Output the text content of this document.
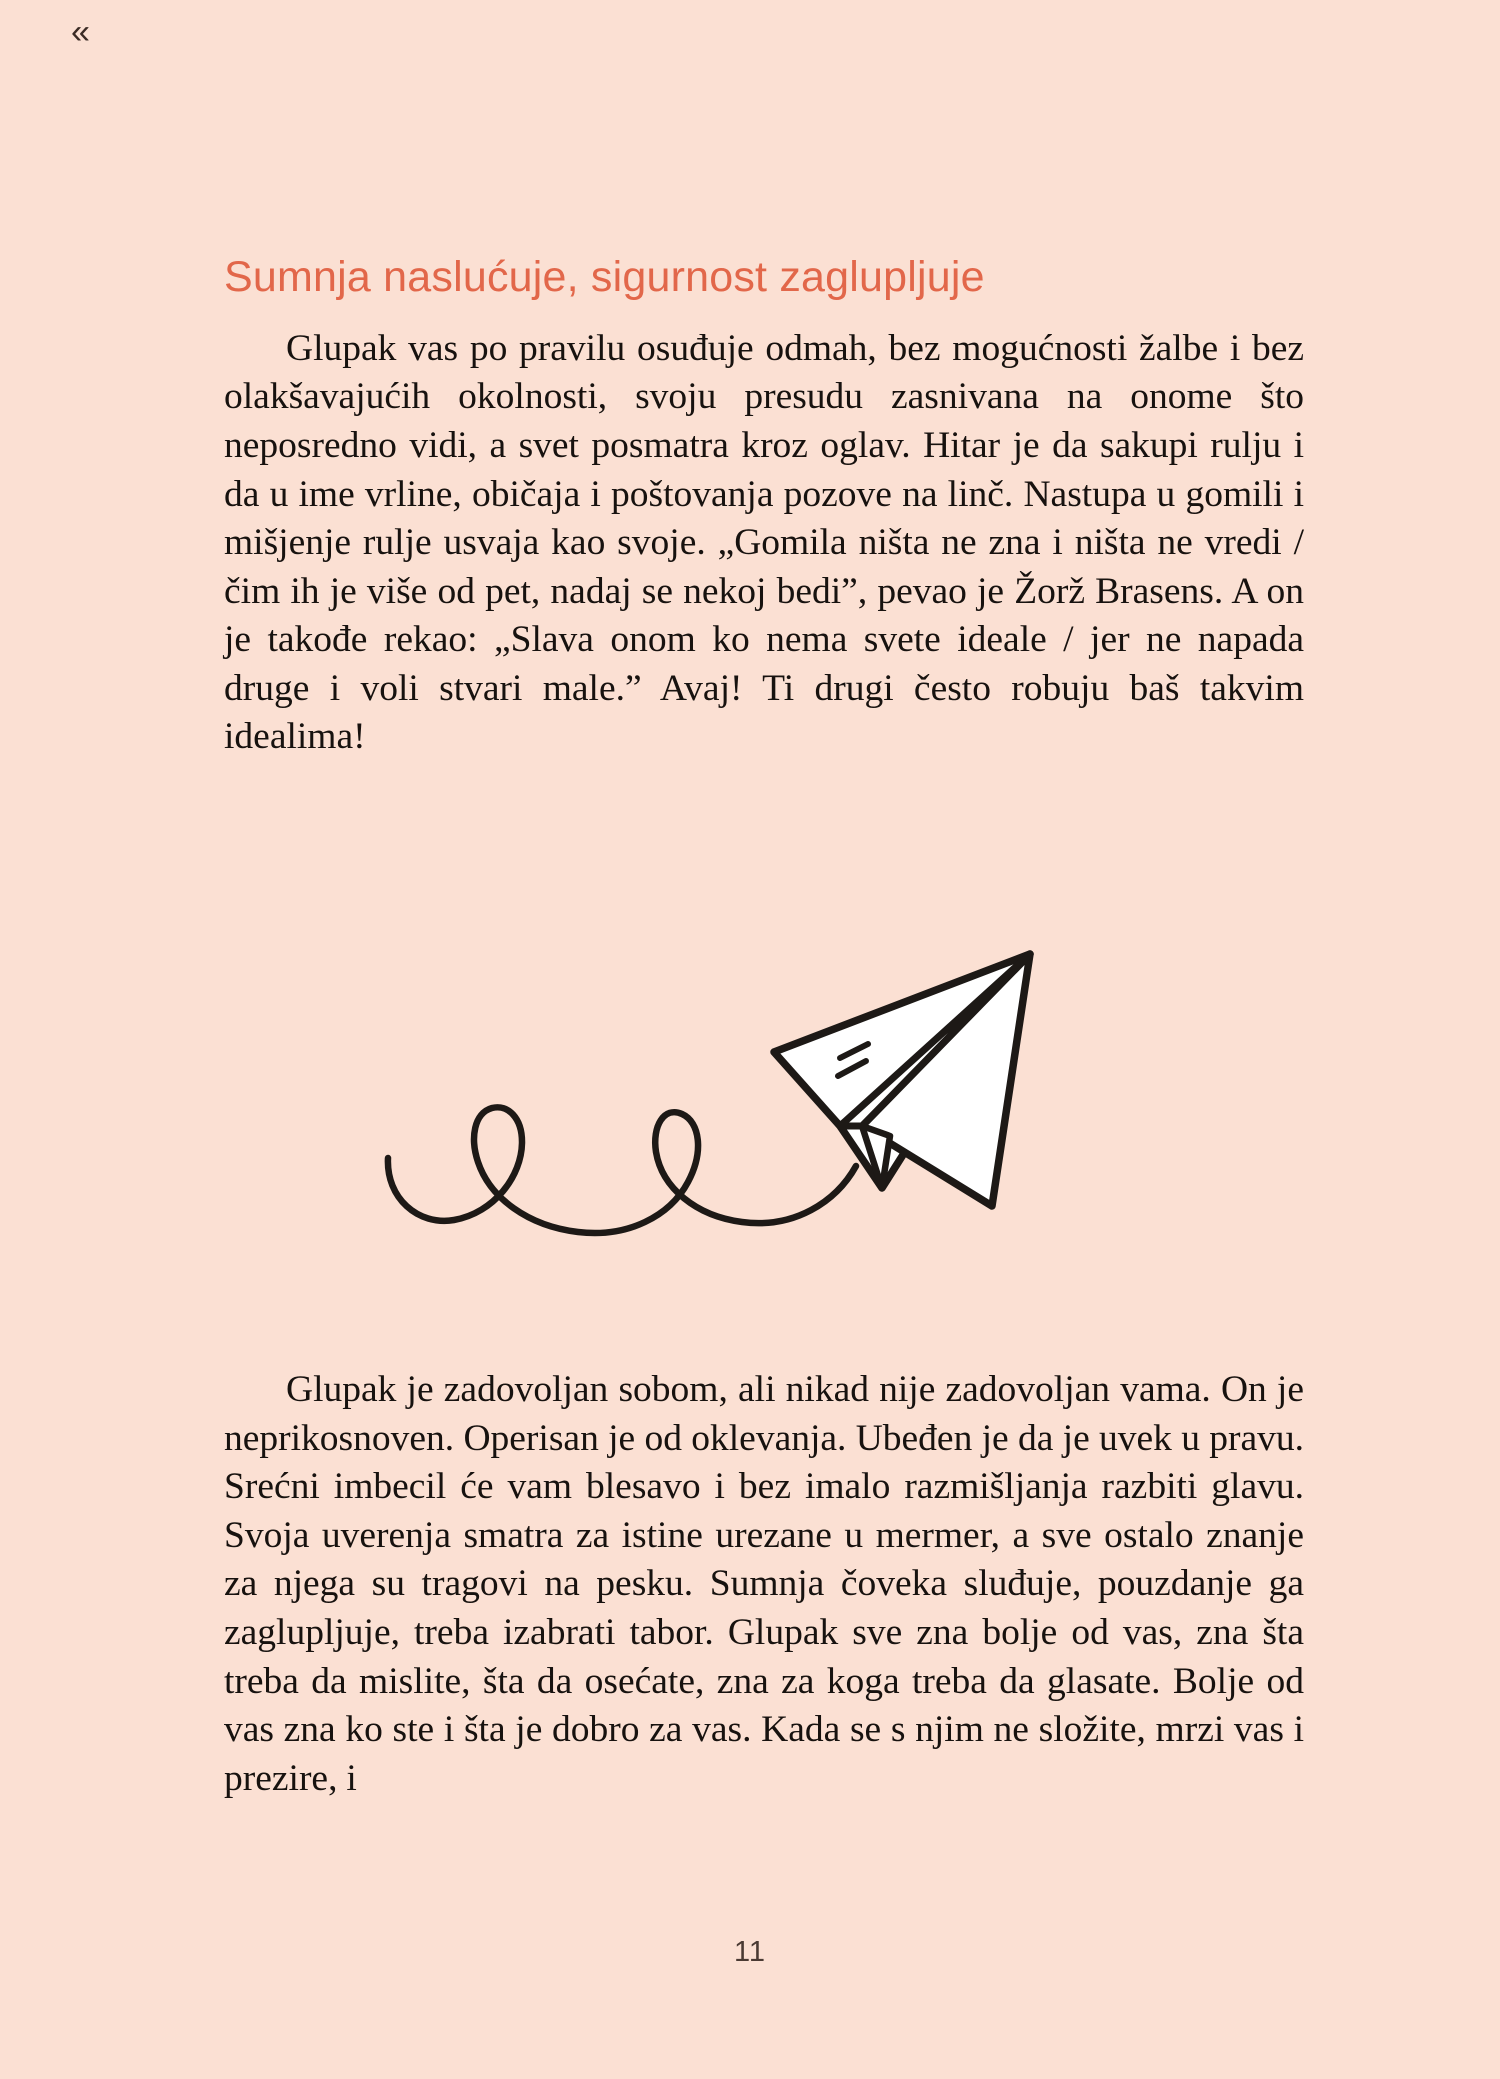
«
Sumnja naslućuje, sigurnost zaglupljuje

Glupak vas po pravilu osuđuje odmah, bez mogućnosti žalbe i bez olakšavajućih okolnosti, svoju presudu zasnivana na onome što neposredno vidi, a svet posmatra kroz oglav. Hitar je da sakupi rulju i da u ime vrline, običaja i poštovanja pozove na linč. Nastupa u gomili i mišjenje rulje usvaja kao svoje. „Gomila ništa ne zna i ništa ne vredi / čim ih je više od pet, nadaj se nekoj bedi”, pevao je Žorž Brasens. A on je takođe rekao: „Slava onom ko nema svete ideale / jer ne napada druge i voli stvari male.” Avaj! Ti drugi često robuju baš takvim idealima!

Glupak je zadovoljan sobom, ali nikad nije zadovoljan vama. On je neprikosnoven. Operisan je od oklevanja. Ubeđen je da je uvek u pravu. Srećni imbecil će vam blesavo i bez imalo razmišljanja razbiti glavu. Svoja uverenja smatra za istine urezane u mermer, a sve ostalo znanje za njega su tragovi na pesku. Sumnja čoveka sluđuje, pouzdanje ga zaglupljuje, treba izabrati tabor. Glupak sve zna bolje od vas, zna šta treba da mislite, šta da osećate, zna za koga treba da glasate. Bolje od vas zna ko ste i šta je dobro za vas. Kada se s njim ne složite, mrzi vas i prezire, i

11
